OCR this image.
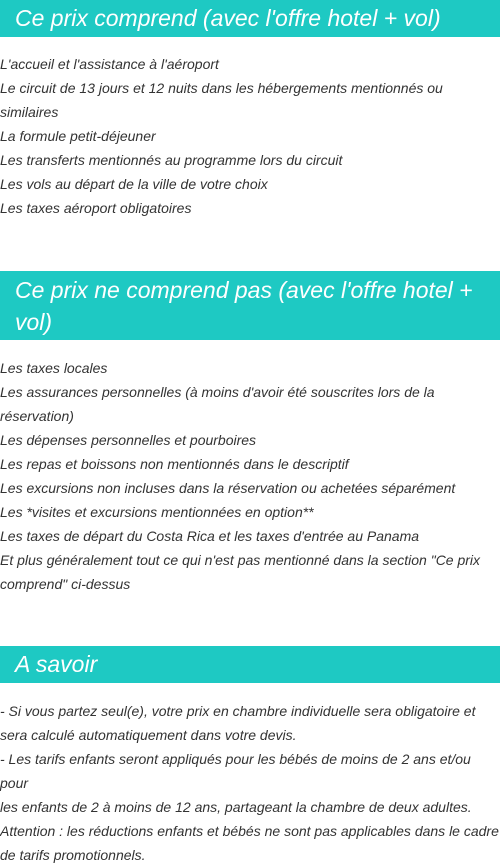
Ce prix comprend (avec l'offre hotel + vol)
L'accueil et l'assistance à l'aéroport
Le circuit de 13 jours et 12 nuits dans les hébergements mentionnés ou
similaires
La formule petit-déjeuner
Les transferts mentionnés au programme lors du circuit
Les vols au départ de la ville de votre choix
Les taxes aéroport obligatoires
Ce prix ne comprend pas (avec l'offre hotel +
vol)
Les taxes locales
Les assurances personnelles (à moins d'avoir été souscrites lors de la
réservation)
Les dépenses personnelles et pourboires
Les repas et boissons non mentionnés dans le descriptif
Les excursions non incluses dans la réservation ou achetées séparément
Les *visites et excursions mentionnées en option**
Les taxes de départ du Costa Rica et les taxes d'entrée au Panama
Et plus généralement tout ce qui n'est pas mentionné dans la section "Ce prix
comprend" ci-dessus
A savoir
- Si vous partez seul(e), votre prix en chambre individuelle sera obligatoire et
sera calculé automatiquement dans votre devis.
- Les tarifs enfants seront appliqués pour les bébés de moins de 2 ans et/ou pour
les enfants de 2 à moins de 12 ans, partageant la chambre de deux adultes.
Attention : les réductions enfants et bébés ne sont pas applicables dans le cadre
de tarifs promotionnels.
